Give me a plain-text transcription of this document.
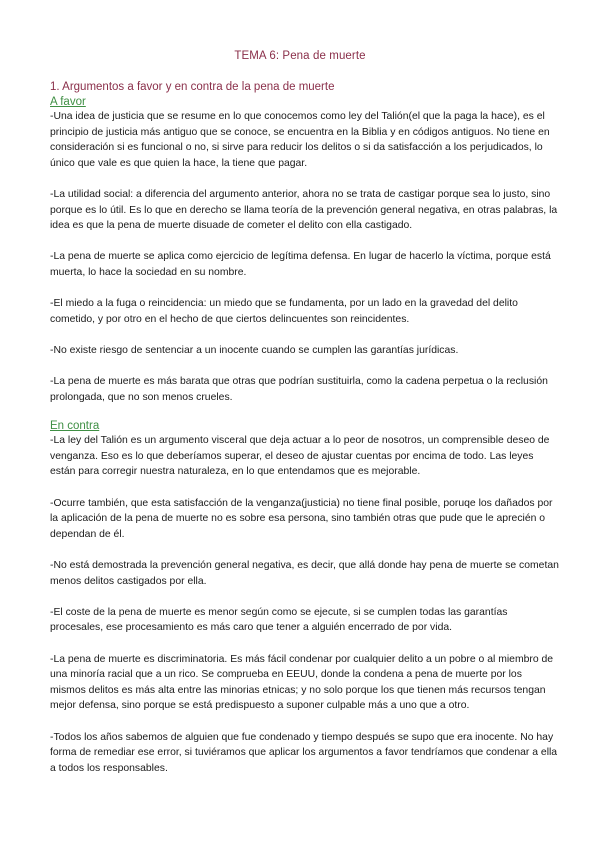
TEMA 6: Pena de muerte
1. Argumentos a favor y en contra de la pena de muerte
A favor

-Una idea de justicia que se resume en lo que conocemos como ley del Talión(el que la paga la hace), es el principio de justicia más antiguo que se conoce, se encuentra en la Biblia y en códigos antiguos. No tiene en consideración si es funcional o no, si sirve para reducir los delitos o si da satisfacción a los perjudicados, lo único que vale es que quien la hace, la tiene que pagar.

-La utilidad social: a diferencia del argumento anterior, ahora no se trata de castigar porque sea lo justo, sino porque es lo útil. Es lo que en derecho se llama teoría de la prevención general negativa, en otras palabras, la idea es que la pena de muerte disuade de cometer el delito con ella castigado.

-La pena de muerte se aplica como ejercicio de legítima defensa. En lugar de hacerlo la víctima, porque está muerta, lo hace la sociedad en su nombre.

-El miedo a la fuga o reincidencia: un miedo que se fundamenta, por un lado en la gravedad del delito cometido, y por otro en el hecho de que ciertos delincuentes son reincidentes.

-No existe riesgo de sentenciar a un inocente cuando se cumplen las garantías jurídicas.

-La pena de muerte es más barata que otras que podrían sustituirla, como la cadena perpetua o la reclusión prolongada, que no son menos crueles.

En contra

-La ley del Talión es un argumento visceral que deja actuar a lo peor de nosotros, un comprensible deseo de venganza. Eso es lo que deberíamos superar, el deseo de ajustar cuentas por encima de todo. Las leyes están para corregir nuestra naturaleza, en lo que entendamos que es mejorable.

-Ocurre también, que esta satisfacción de la venganza(justicia) no tiene final posible, poruqe los dañados por la aplicación de la pena de muerte no es sobre esa persona, sino también otras que pude que le aprecién o dependan de él.

-No está demostrada la prevención general negativa, es decir, que allá donde hay pena de muerte se cometan menos delitos castigados por ella.

-El coste de la pena de muerte es menor según como se ejecute, si se cumplen todas las garantías procesales, ese procesamiento es más caro que tener a alguién encerrado de por vida.

-La pena de muerte es discriminatoria. Es más fácil condenar por cualquier delito a un pobre o al miembro de una minoría racial que a un rico. Se comprueba en EEUU, donde la condena a pena de muerte por los mismos delitos es más alta entre las minorias etnicas; y no solo porque los que tienen más recursos tengan mejor defensa, sino porque se está predispuesto a suponer culpable más a uno que a otro.

-Todos los años sabemos de alguien que fue condenado y tiempo después se supo que era inocente. No hay forma de remediar ese error, si tuviéramos que aplicar los argumentos a favor tendríamos que condenar a ella a todos los responsables.
